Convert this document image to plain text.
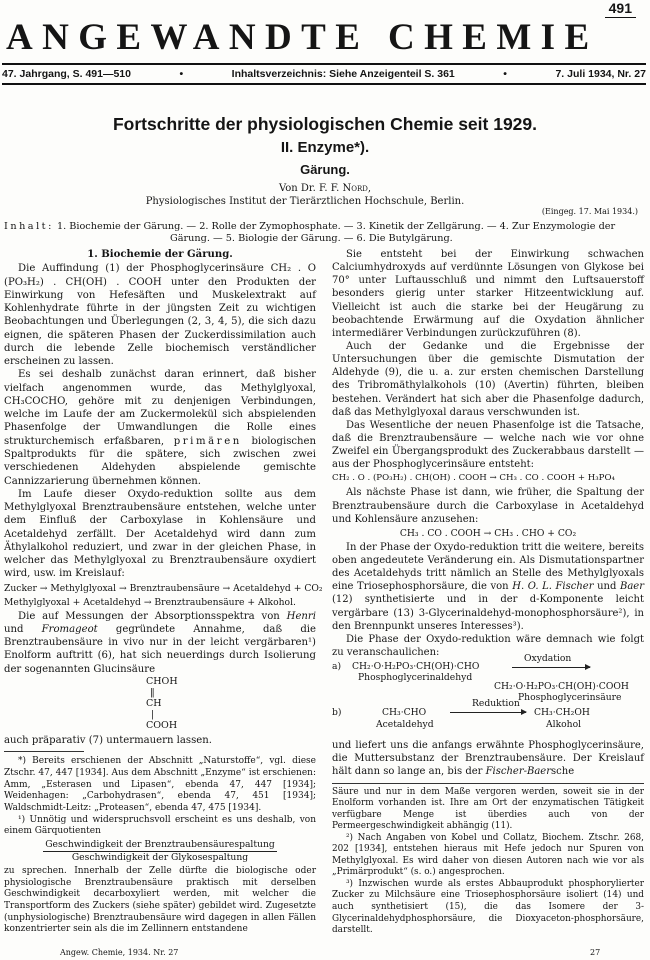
491
ANGEWANDTE CHEMIE
47. Jahrgang, S. 491—510	•	Inhaltsverzeichnis: Siehe Anzeigenteil S. 361	•	7. Juli 1934, Nr. 27
Fortschritte der physiologischen Chemie seit 1929.
II. Enzyme*).
Gärung.
Von Dr. F. F. Nord,
Physiologisches Institut der Tierärztlichen Hochschule, Berlin.
(Eingeg. 17. Mai 1934.)
Inhalt: 1. Biochemie der Gärung. — 2. Rolle der Zymophosphate. — 3. Kinetik der Zellgärung. — 4. Zur Enzymologie der
Gärung. — 5. Biologie der Gärung. — 6. Die Butylgärung.
1. Biochemie der Gärung.

Die Auffindung (1) der Phosphoglycerinsäure CH₂ . O (PO₃H₂) . CH(OH) . COOH unter den Produkten der Einwirkung von Hefesäften und Muskelextrakt auf Kohlenhydrate führte in der jüngsten Zeit zu wichtigen Beobachtungen und Überlegungen (2, 3, 4, 5), die sich dazu eignen, die späteren Phasen der Zuckerdissimilation auch durch die lebende Zelle biochemisch verständlicher erscheinen zu lassen.

Es sei deshalb zunächst daran erinnert, daß bisher vielfach angenommen wurde, das Methylglyoxal, CH₃COCHO, gehöre mit zu denjenigen Verbindungen, welche im Laufe der am Zuckermolekül sich abspielenden Phasenfolge der Umwandlungen die Rolle eines strukturchemisch erfaßbaren, primären biologischen Spaltprodukts für die spätere, sich zwischen zwei verschiedenen Aldehyden abspielende gemischte Cannizzarierung übernehmen können.

Im Laufe dieser Oxydo-reduktion sollte aus dem Methylglyoxal Brenztraubensäure entstehen, welche unter dem Einfluß der Carboxylase in Kohlensäure und Acetaldehyd zerfällt. Der Acetaldehyd wird dann zum Äthylalkohol reduziert, und zwar in der gleichen Phase, in welcher das Methylglyoxal zu Brenztraubensäure oxydiert wird, usw. im Kreislauf:

Zucker → Methylglyoxal → Brenztraubensäure → Acetaldehyd + CO₂
Methylglyoxal + Acetaldehyd → Brenztraubensäure + Alkohol.

Die auf Messungen der Absorptionsspektra von Henri und Fromageot gegründete Annahme, daß die Brenztraubensäure in vivo nur in der leicht vergärbaren¹) Enolform auftritt (6), hat sich neuerdings durch Isolierung der sogenannten Glucinsäure

CHOH
‖
CH
|
COOH

auch präparativ (7) untermauern lassen.

*) Bereits erschienen der Abschnitt „Naturstoffe“, vgl. diese Ztschr. 47, 447 [1934]. Aus dem Abschnitt „Enzyme“ ist erschienen: Amm, „Esterasen und Lipasen“, ebenda 47, 447 [1934]; Weidenhagen: „Carbohydrasen“, ebenda 47, 451 [1934]; Waldschmidt-Leitz: „Proteasen“, ebenda 47, 475 [1934].

¹) Unnötig und widerspruchsvoll erscheint es uns deshalb, von einem Gärquotienten

Geschwindigkeit der Brenztraubensäurespaltung
Geschwindigkeit der Glykosespaltung

zu sprechen. Innerhalb der Zelle dürfte die biologische oder physiologische Brenztraubensäure praktisch mit derselben Geschwindigkeit decarboxyliert werden, mit welcher die Transportform des Zuckers (siehe später) gebildet wird. Zugesetzte (unphysiologische) Brenztraubensäure wird dagegen in allen Fällen konzentrierter sein als die im Zellinnern entstandene

Sie entsteht bei der Einwirkung schwachen Calciumhydroxyds auf verdünnte Lösungen von Glykose bei 70° unter Luftausschluß und nimmt den Luftsauerstoff besonders gierig unter starker Hitzeentwicklung auf. Vielleicht ist auch die starke bei der Heugärung zu beobachtende Erwärmung auf die Oxydation ähnlicher intermediärer Verbindungen zurückzuführen (8).

Auch der Gedanke und die Ergebnisse der Untersuchungen über die gemischte Dismutation der Aldehyde (9), die u. a. zur ersten chemischen Darstellung des Tribromäthylalkohols (10) (Avertin) führten, bleiben bestehen. Verändert hat sich aber die Phasenfolge dadurch, daß das Methylglyoxal daraus verschwunden ist.

Das Wesentliche der neuen Phasenfolge ist die Tatsache, daß die Brenztraubensäure — welche nach wie vor ohne Zweifel ein Übergangsprodukt des Zuckerabbaus darstellt — aus der Phosphoglycerinsäure entsteht:

CH₂ . O . (PO₃H₂) . CH(OH) . COOH → CH₃ . CO . COOH + H₃PO₄

Als nächste Phase ist dann, wie früher, die Spaltung der Brenztraubensäure durch die Carboxylase in Acetaldehyd und Kohlensäure anzusehen:

CH₃ . CO . COOH → CH₃ . CHO + CO₂

In der Phase der Oxydo-reduktion tritt die weitere, bereits oben angedeutete Veränderung ein. Als Dismutationspartner des Acetaldehyds tritt nämlich an Stelle des Methylglyoxals eine Triosephosphorsäure, die von H. O. L. Fischer und Baer (12) synthetisierte und in der d-Komponente leicht vergärbare (13) 3-Glycerinaldehyd-monophosphorsäure²), in den Brennpunkt unseres Interesses³).

Die Phase der Oxydo-reduktion wäre demnach wie folgt zu veranschaulichen:

a) CH₂·O·H₂PO₃·CH(OH)·CHO
Phosphoglycerinaldehyd
Oxydation
CH₂·O·H₂PO₃·CH(OH)·COOH
Phosphoglycerinsäure
b)	CH₃·CHO
Acetaldehyd
Reduktion
CH₃·CH₂OH
Alkohol

und liefert uns die anfangs erwähnte Phosphoglycerinsäure, die Muttersubstanz der Brenztraubensäure. Der Kreislauf hält dann so lange an, bis der Fischer-Baersche

Säure und nur in dem Maße vergoren werden, soweit sie in der Enolform vorhanden ist. Ihre am Ort der enzymatischen Tätigkeit verfügbare Menge ist überdies auch von der Permeergeschwindigkeit abhängig (11).

²) Nach Angaben von Kobel und Collatz, Biochem. Ztschr. 268, 202 [1934], entstehen hieraus mit Hefe jedoch nur Spuren von Methylglyoxal. Es wird daher von diesen Autoren nach wie vor als „Primärprodukt“ (s. o.) angesprochen.

³) Inzwischen wurde als erstes Abbauprodukt phosphorylierter Zucker zu Milchsäure eine Triosephosphorsäure isoliert (14) und auch synthetisiert (15), die das Isomere der 3-Glycerinaldehydphosphorsäure, die Dioxyaceton-phosphorsäure, darstellt.

Angew. Chemie, 1934. Nr. 27	27
